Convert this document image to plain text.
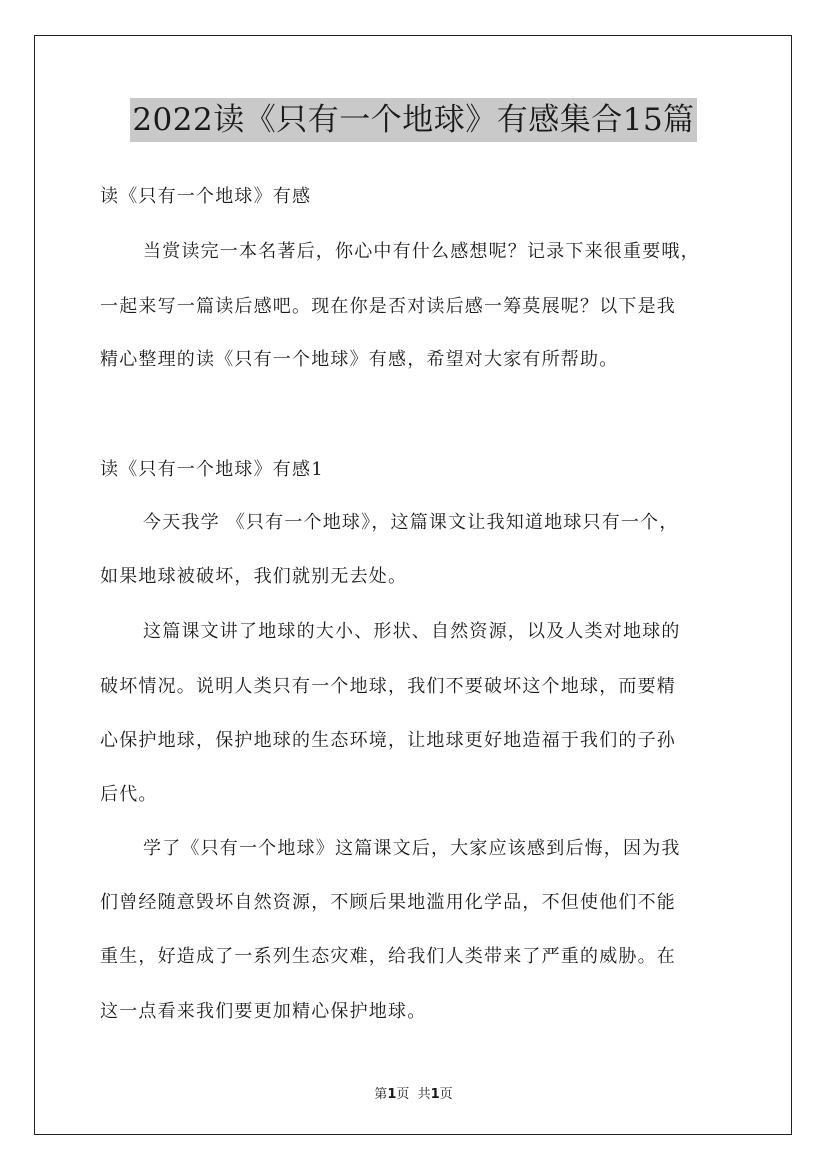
2022读《只有一个地球》有感集合15篇
读《只有一个地球》有感
当赏读完一本名著后，你心中有什么感想呢？记录下来很重要哦，
一起来写一篇读后感吧。现在你是否对读后感一筹莫展呢？以下是我
精心整理的读《只有一个地球》有感，希望对大家有所帮助。
读《只有一个地球》有感1
今天我学 《只有一个地球》，这篇课文让我知道地球只有一个，
如果地球被破坏，我们就别无去处。
这篇课文讲了地球的大小、形状、自然资源，以及人类对地球的
破坏情况。说明人类只有一个地球，我们不要破坏这个地球，而要精
心保护地球，保护地球的生态环境，让地球更好地造福于我们的子孙
后代。
学了《只有一个地球》这篇课文后，大家应该感到后悔，因为我
们曾经随意毁坏自然资源，不顾后果地滥用化学品，不但使他们不能
重生，好造成了一系列生态灾难，给我们人类带来了严重的威胁。在
这一点看来我们要更加精心保护地球。
第1页  共1页
